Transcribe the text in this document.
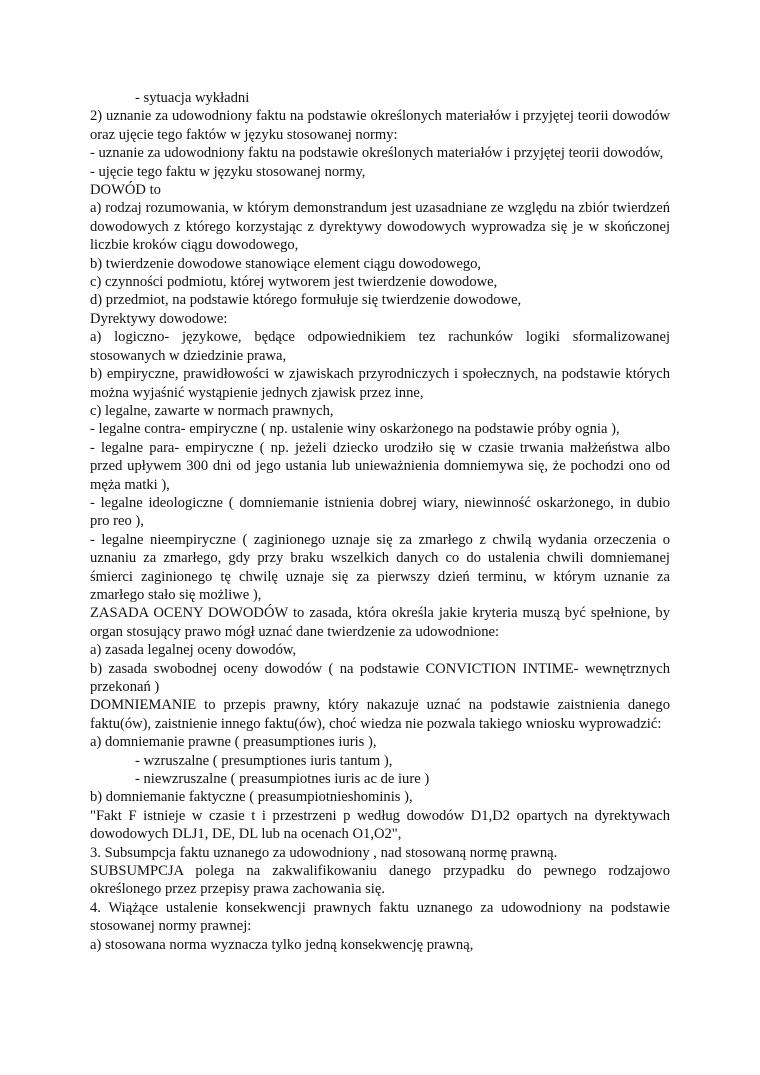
- sytuacja wykładni

2) uznanie za udowodniony faktu na podstawie określonych materiałów i przyjętej teorii dowodów oraz ujęcie tego faktów w języku stosowanej normy:

- uznanie za udowodniony faktu na podstawie określonych materiałów i przyjętej teorii dowodów,

- ujęcie tego faktu w języku stosowanej normy,

DOWÓD to

a) rodzaj rozumowania, w którym demonstrandum jest uzasadniane ze względu na zbiór twierdzeń dowodowych z którego korzystając z dyrektywy dowodowych wyprowadza się je w skończonej liczbie kroków ciągu dowodowego,

b) twierdzenie dowodowe stanowiące element ciągu dowodowego,

c) czynności podmiotu, której wytworem jest twierdzenie dowodowe,

d) przedmiot, na podstawie którego formułuje się twierdzenie dowodowe,

Dyrektywy dowodowe:

a) logiczno- językowe, będące odpowiednikiem tez rachunków logiki sformalizowanej stosowanych w dziedzinie prawa,

b) empiryczne, prawidłowości w zjawiskach przyrodniczych i społecznych, na podstawie których można wyjaśnić wystąpienie jednych zjawisk przez inne,

c) legalne, zawarte w normach prawnych,

- legalne contra- empiryczne ( np. ustalenie winy oskarżonego na podstawie próby ognia ),

- legalne para- empiryczne ( np. jeżeli dziecko urodziło się w czasie trwania małżeństwa albo przed upływem 300 dni od jego ustania lub unieważnienia domniemywa się, że pochodzi ono od męża matki ),

- legalne ideologiczne ( domniemanie istnienia dobrej wiary, niewinność oskarżonego, in dubio pro reo ),

- legalne nieempiryczne ( zaginionego uznaje się za zmarłego z chwilą wydania orzeczenia o uznaniu za zmarłego, gdy przy braku wszelkich danych co do ustalenia chwili domniemanej śmierci zaginionego tę chwilę uznaje się za pierwszy dzień terminu, w którym uznanie za zmarłego stało się możliwe ),

ZASADA OCENY DOWODÓW to zasada, która określa jakie kryteria muszą być spełnione, by organ stosujący prawo mógł uznać dane twierdzenie za udowodnione:

a) zasada legalnej oceny dowodów,

b) zasada swobodnej oceny dowodów ( na podstawie CONVICTION INTIME- wewnętrznych przekonań )

DOMNIEMANIE to przepis prawny, który nakazuje uznać na podstawie zaistnienia danego faktu(ów), zaistnienie innego faktu(ów), choć wiedza nie pozwala takiego wniosku wyprowadzić:

a) domniemanie prawne ( preasumptiones iuris ),

- wzruszalne ( presumptiones iuris tantum ),

- niewzruszalne ( preasumpiotnes iuris ac de iure )

b) domniemanie faktyczne ( preasumpiotnieshominis ),

"Fakt F istnieje w czasie t i przestrzeni p według dowodów D1,D2 opartych na dyrektywach dowodowych DLJ1, DE, DL lub na ocenach O1,O2",

3. Subsumpcja faktu uznanego za udowodniony , nad stosowaną normę prawną.

SUBSUMPCJA polega na zakwalifikowaniu danego przypadku do pewnego rodzajowo określonego przez przepisy prawa zachowania się.

4. Wiążące ustalenie konsekwencji prawnych faktu uznanego za udowodniony na podstawie stosowanej normy prawnej:

a) stosowana norma wyznacza tylko jedną konsekwencję prawną,
